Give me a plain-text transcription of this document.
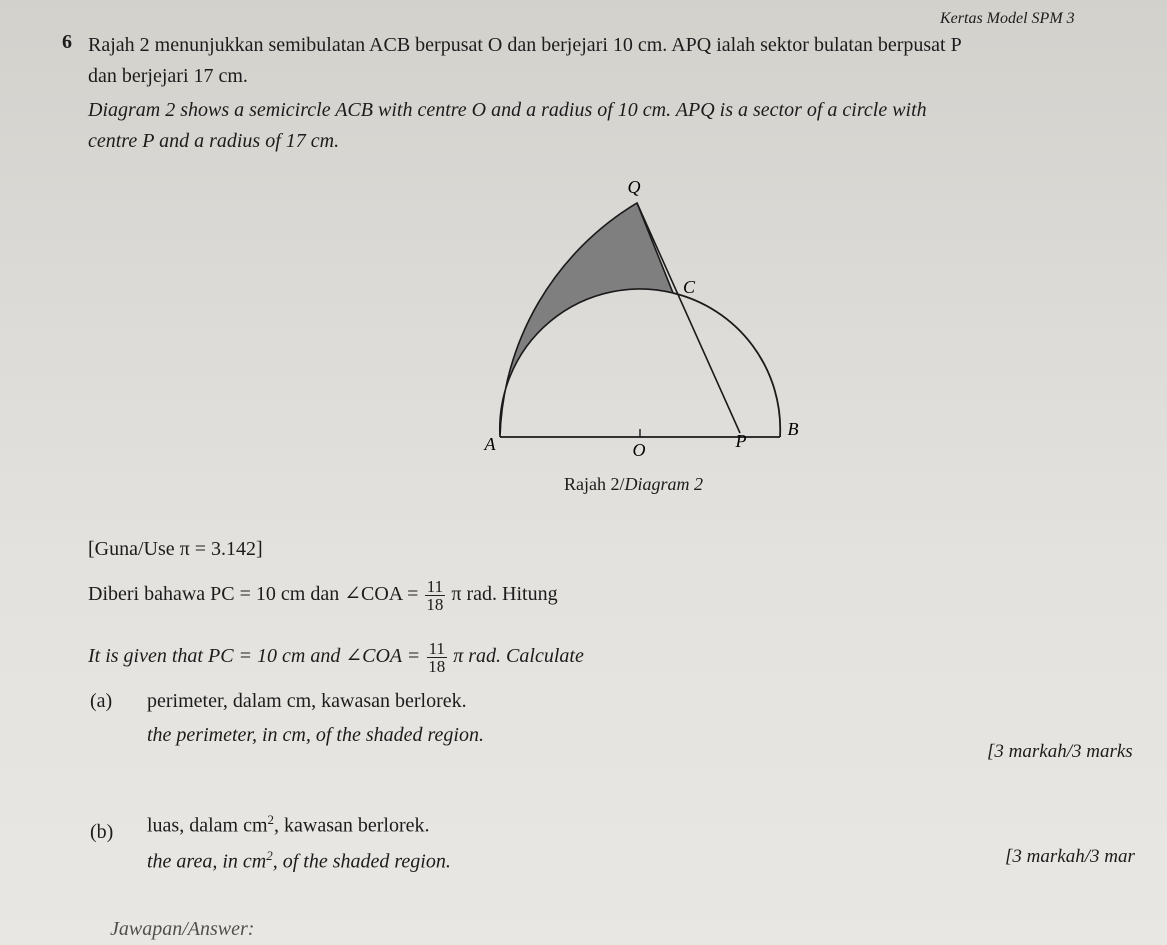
Kertas Model SPM 3
6 Rajah 2 menunjukkan semibulatan ACB berpusat O dan berjejari 10 cm. APQ ialah sektor bulatan berpusat P
dan berjejari 17 cm.
Diagram 2 shows a semicircle ACB with centre O and a radius of 10 cm. APQ is a sector of a circle with
centre P and a radius of 17 cm.
Q
C
A	O	P
B
Rajah 2/Diagram 2
[Guna/Use π = 3.142]
Diberi bahawa PC = 10 cm dan ∠COA = $\frac{11}{18}$ π rad. Hitung
It is given that PC = 10 cm and ∠COA = $\frac{11}{18}$ π rad. Calculate
(a) perimeter, dalam cm, kawasan berlorek.
the perimeter, in cm, of the shaded region.
[3 markah/3 marks
(b) luas, dalam $cm^2$, kawasan berlorek.
the area, in $cm^2$, of the shaded region.	[3 markah/3 mar
Jawapan/Answer:
